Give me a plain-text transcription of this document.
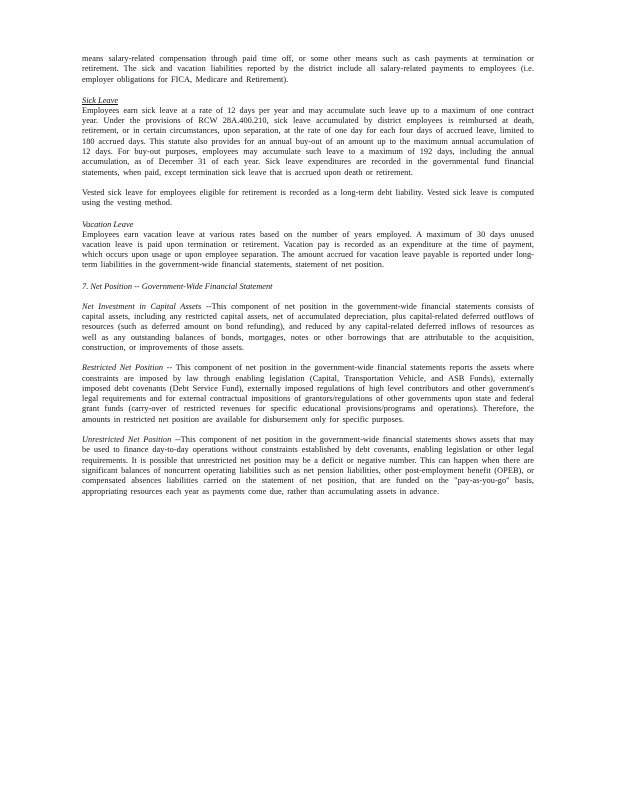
means salary-related compensation through paid time off, or some other means such as cash payments at termination or retirement. The sick and vacation liabilities reported by the district include all salary-related payments to employees (i.e. employer obligations for FICA, Medicare and Retirement).

Sick Leave

Employees earn sick leave at a rate of 12 days per year and may accumulate such leave up to a maximum of one contract year. Under the provisions of RCW 28A.400.210, sick leave accumulated by district employees is reimbursed at death, retirement, or in certain circumstances, upon separation, at the rate of one day for each four days of accrued leave, limited to 180 accrued days. This statute also provides for an annual buy-out of an amount up to the maximum annual accumulation of 12 days. For buy-out purposes, employees may accumulate such leave to a maximum of 192 days, including the annual accumulation, as of December 31 of each year. Sick leave expenditures are recorded in the governmental fund financial statements, when paid, except termination sick leave that is accrued upon death or retirement.

Vested sick leave for employees eligible for retirement is recorded as a long-term debt liability. Vested sick leave is computed using the vesting method.

Vacation Leave

Employees earn vacation leave at various rates based on the number of years employed. A maximum of 30 days unused vacation leave is paid upon termination or retirement. Vacation pay is recorded as an expenditure at the time of payment, which occurs upon usage or upon employee separation. The amount accrued for vacation leave payable is reported under long-term liabilities in the government-wide financial statements, statement of net position.

7. Net Position -- Government-Wide Financial Statement

Net Investment in Capital Assets --This component of net position in the government-wide financial statements consists of capital assets, including any restricted capital assets, net of accumulated depreciation, plus capital-related deferred outflows of resources (such as deferred amount on bond refunding), and reduced by any capital-related deferred inflows of resources as well as any outstanding balances of bonds, mortgages, notes or other borrowings that are attributable to the acquisition, construction, or improvements of those assets.

Restricted Net Position -- This component of net position in the government-wide financial statements reports the assets where constraints are imposed by law through enabling legislation (Capital, Transportation Vehicle, and ASB Funds), externally imposed debt covenants (Debt Service Fund), externally imposed regulations of high level contributors and other government's legal requirements and for external contractual impositions of grantors/regulations of other governments upon state and federal grant funds (carry-over of restricted revenues for specific educational provisions/programs and operations). Therefore, the amounts in restricted net position are available for disbursement only for specific purposes.

Unrestricted Net Position --This component of net position in the government-wide financial statements shows assets that may be used to finance day-to-day operations without constraints established by debt covenants, enabling legislation or other legal requirements. It is possible that unrestricted net position may be a deficit or negative number. This can happen when there are significant balances of noncurrent operating liabilities such as net pension liabilities, other post-employment benefit (OPEB), or compensated absences liabilities carried on the statement of net position, that are funded on the "pay-as-you-go" basis, appropriating resources each year as payments come due, rather than accumulating assets in advance.
